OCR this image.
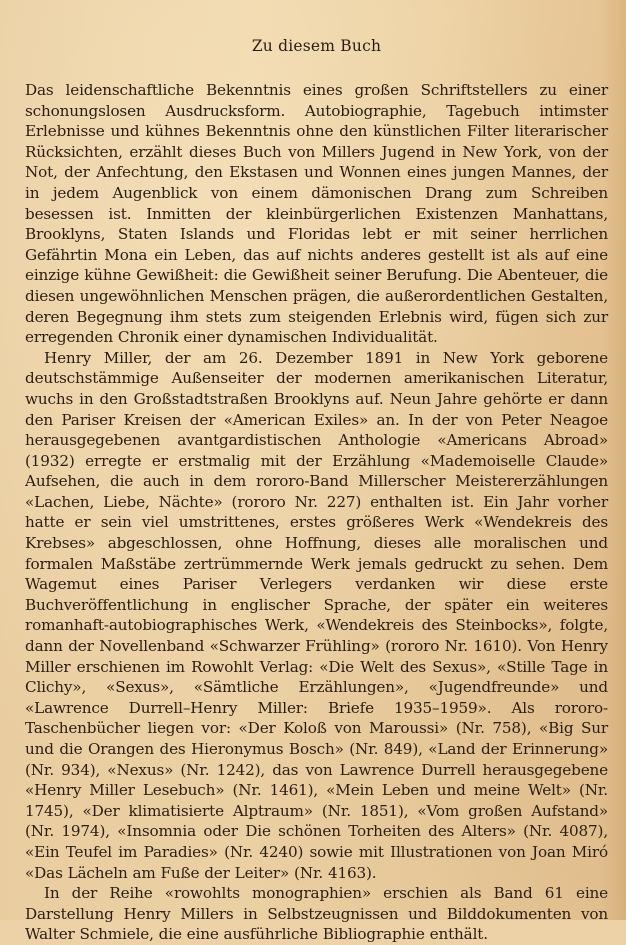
Zu diesem Buch

Das leidenschaftliche Bekenntnis eines großen Schriftstellers zu einer schonungslosen Ausdrucksform. Autobiographie, Tagebuch intimster Erlebnisse und kühnes Bekenntnis ohne den künstlichen Filter literarischer Rücksichten, erzählt dieses Buch von Millers Jugend in New York, von der Not, der Anfechtung, den Ekstasen und Wonnen eines jungen Mannes, der in jedem Augenblick von einem dämonischen Drang zum Schreiben besessen ist. Inmitten der kleinbürgerlichen Existenzen Manhattans, Brooklyns, Staten Islands und Floridas lebt er mit seiner herrlichen Gefährtin Mona ein Leben, das auf nichts anderes gestellt ist als auf eine einzige kühne Gewißheit: die Gewißheit seiner Berufung. Die Abenteuer, die diesen ungewöhnlichen Menschen prägen, die außerordentlichen Gestalten, deren Begegnung ihm stets zum steigenden Erlebnis wird, fügen sich zur erregenden Chronik einer dynamischen Individualität.

Henry Miller, der am 26. Dezember 1891 in New York geborene deutschstämmige Außenseiter der modernen amerikanischen Literatur, wuchs in den Großstadtstraßen Brooklyns auf. Neun Jahre gehörte er dann den Pariser Kreisen der «American Exiles» an. In der von Peter Neagoe herausgegebenen avantgardistischen Anthologie «Americans Abroad» (1932) erregte er erstmalig mit der Erzählung «Mademoiselle Claude» Aufsehen, die auch in dem rororo-Band Millerscher Meistererzählungen «Lachen, Liebe, Nächte» (rororo Nr. 227) enthalten ist. Ein Jahr vorher hatte er sein viel umstrittenes, erstes größeres Werk «Wendekreis des Krebses» abgeschlossen, ohne Hoffnung, dieses alle moralischen und formalen Maßstäbe zertrümmernde Werk jemals gedruckt zu sehen. Dem Wagemut eines Pariser Verlegers verdanken wir diese erste Buchveröffentlichung in englischer Sprache, der später ein weiteres romanhaft-autobiographisches Werk, «Wendekreis des Steinbocks», folgte, dann der Novellenband «Schwarzer Frühling» (rororo Nr. 1610). Von Henry Miller erschienen im Rowohlt Verlag: «Die Welt des Sexus», «Stille Tage in Clichy», «Sexus», «Sämtliche Erzählungen», «Jugendfreunde» und «Lawrence Durrell–Henry Miller: Briefe 1935–1959». Als rororo-Taschenbücher liegen vor: «Der Koloß von Maroussi» (Nr. 758), «Big Sur und die Orangen des Hieronymus Bosch» (Nr. 849), «Land der Erinnerung» (Nr. 934), «Nexus» (Nr. 1242), das von Lawrence Durrell herausgegebene «Henry Miller Lesebuch» (Nr. 1461), «Mein Leben und meine Welt» (Nr. 1745), «Der klimatisierte Alptraum» (Nr. 1851), «Vom großen Aufstand» (Nr. 1974), «Insomnia oder Die schönen Torheiten des Alters» (Nr. 4087), «Ein Teufel im Paradies» (Nr. 4240) sowie mit Illustrationen von Joan Miró «Das Lächeln am Fuße der Leiter» (Nr. 4163).

In der Reihe «rowohlts monographien» erschien als Band 61 eine Darstellung Henry Millers in Selbstzeugnissen und Bilddokumenten von Walter Schmiele, die eine ausführliche Bibliographie enthält.
